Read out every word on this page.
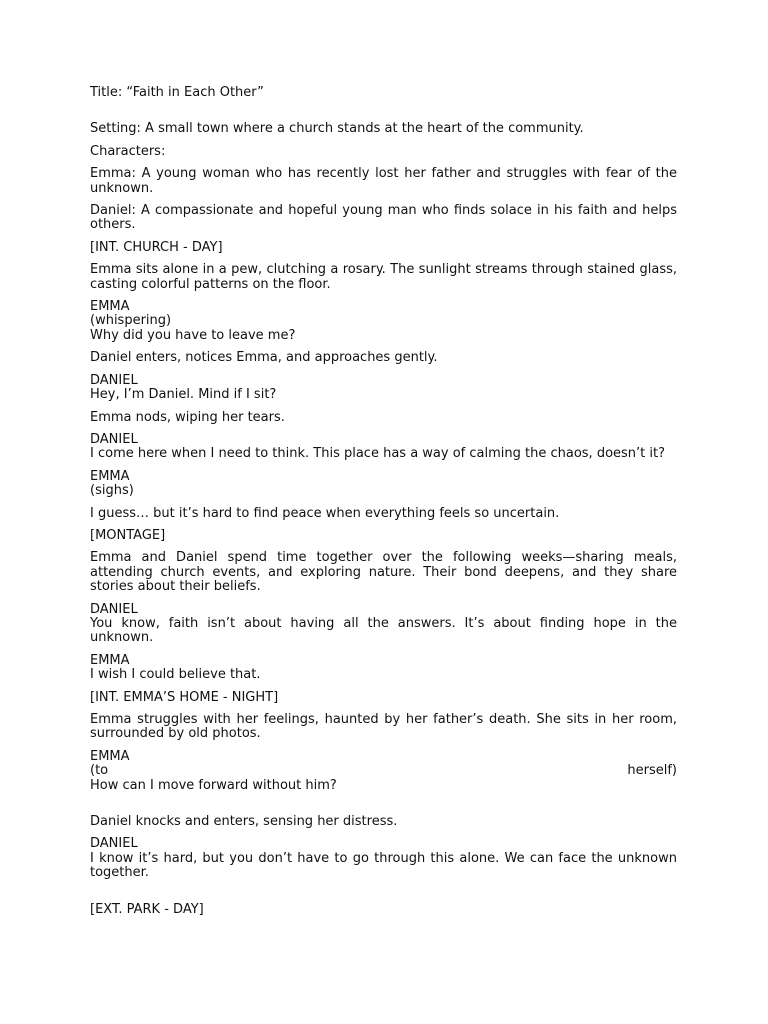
Title: “Faith in Each Other”
Setting: A small town where a church stands at the heart of the community.
Characters:
Emma: A young woman who has recently lost her father and struggles with fear of the unknown.
Daniel: A compassionate and hopeful young man who finds solace in his faith and helps others.
[INT. CHURCH - DAY]
Emma sits alone in a pew, clutching a rosary. The sunlight streams through stained glass, casting colorful patterns on the floor.
EMMA
(whispering)
Why did you have to leave me?
Daniel enters, notices Emma, and approaches gently.
DANIEL
Hey, I’m Daniel. Mind if I sit?
Emma nods, wiping her tears.
DANIEL
I come here when I need to think. This place has a way of calming the chaos, doesn’t it?
EMMA
(sighs)
I guess… but it’s hard to find peace when everything feels so uncertain.
[MONTAGE]
Emma and Daniel spend time together over the following weeks—sharing meals, attending church events, and exploring nature. Their bond deepens, and they share stories about their beliefs.
DANIEL
You know, faith isn’t about having all the answers. It’s about finding hope in the unknown.
EMMA
I wish I could believe that.
[INT. EMMA’S HOME - NIGHT]
Emma struggles with her feelings, haunted by her father’s death. She sits in her room, surrounded by old photos.
EMMA
(to	herself)
How can I move forward without him?
Daniel knocks and enters, sensing her distress.
DANIEL
I know it’s hard, but you don’t have to go through this alone. We can face the unknown together.
[EXT. PARK - DAY]
